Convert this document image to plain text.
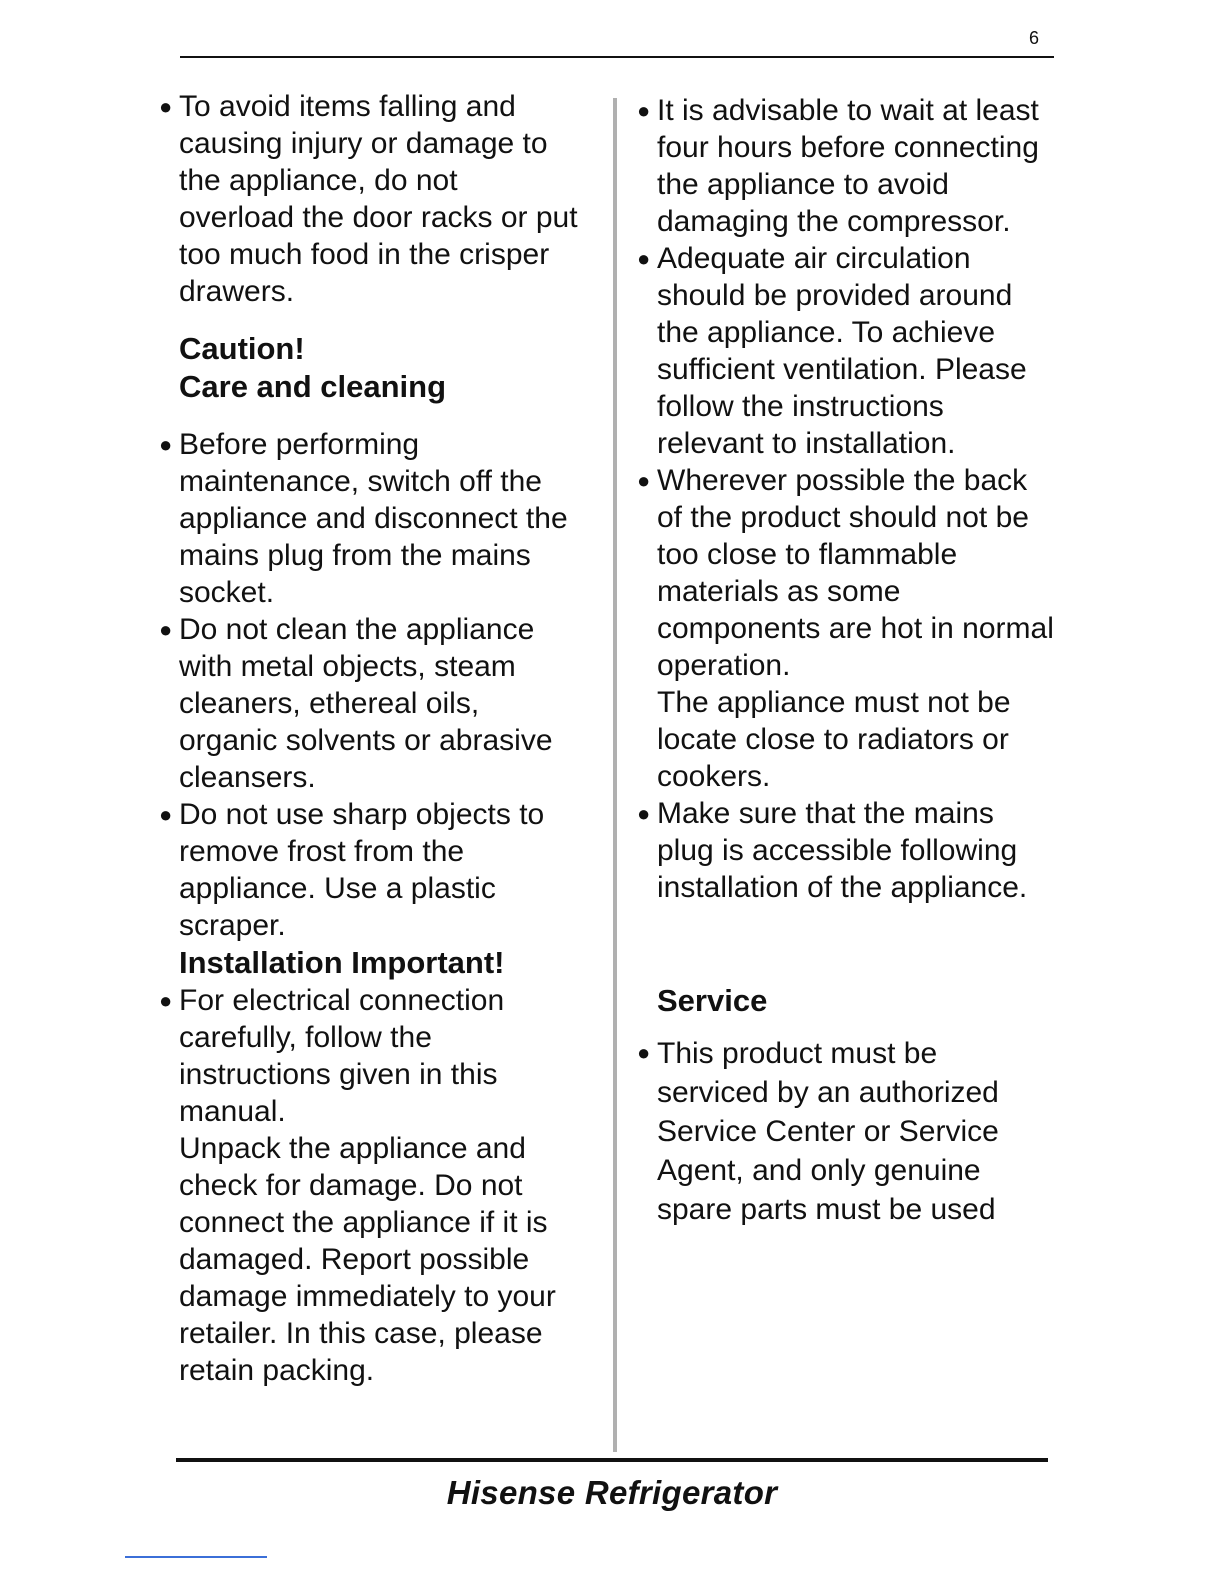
6
● To avoid items falling and causing injury or damage to the appliance, do not overload the door racks or put too much food in the crisper drawers.

Caution!
Care and cleaning
● Before performing maintenance, switch off the appliance and disconnect the mains plug from the mains socket.

● Do not clean the appliance with metal objects, steam cleaners, ethereal oils, organic solvents or abrasive cleansers.

● Do not use sharp objects to remove frost from the appliance. Use a plastic scraper.

Installation Important!
● For electrical connection carefully, follow the instructions given in this manual.

Unpack the appliance and check for damage. Do not connect the appliance if it is damaged. Report possible damage immediately to your retailer. In this case, please retain packing.

● It is advisable to wait at least four hours before connecting the appliance to avoid damaging the compressor.

● Adequate air circulation should be provided around the appliance. To achieve sufficient ventilation. Please follow the instructions relevant to installation.

● Wherever possible the back of the product should not be too close to flammable materials as some components are hot in normal operation.

The appliance must not be locate close to radiators or cookers.

● Make sure that the mains plug is accessible following installation of the appliance.

Service
● This product must be serviced by an authorized Service Center or Service Agent, and only genuine spare parts must be used

Hisense Refrigerator
